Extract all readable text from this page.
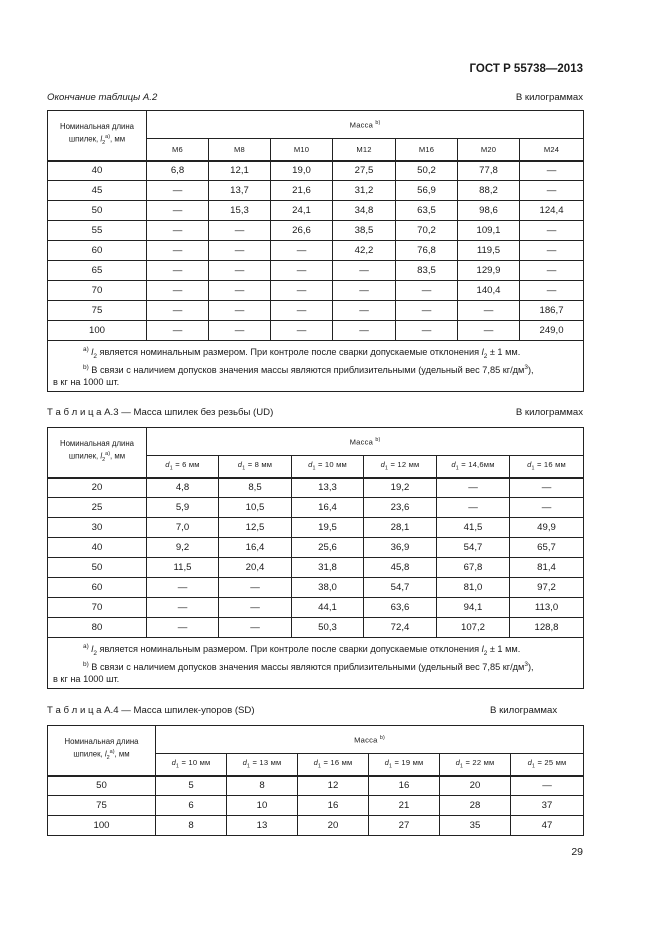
ГОСТ Р 55738—2013
Окончание таблицы А.2	В килограммах
Номинальная длина
шпилек, $l_2^{a)}$, мм	Масса $^{b)}$
	M6	M8	M10	M12	M16	M20	M24
40	6,8	12,1	19,0	27,5	50,2	77,8	—
45	—	13,7	21,6	31,2	56,9	88,2	—
50	—	15,3	24,1	34,8	63,5	98,6	124,4
55	—	—	26,6	38,5	70,2	109,1	—
60	—	—	—	42,2	76,8	119,5	—
65	—	—	—	—	83,5	129,9	—
70	—	—	—	—	—	140,4	—
75	—	—	—	—	—	—	186,7
100	—	—	—	—	—	—	249,0

$^{a)}$ $l_2$ является номинальным размером. При контроле после сварки допускаемые отклонения $l_2 \pm 1$ мм.
$^{b)}$ В связи с наличием допусков значения массы являются приблизительными (удельный вес 7,85 $кг/дм^3$),
в кг на 1000 шт.							
Т а б л и ц а А.3 — Масса шпилек без резьбы (UD)	В килограммах
Номинальная длина
шпилек, $l_2^{a)}$, мм	Масса $^{b)}$
	$d_1 = 6$ мм	$d_1 = 8$ мм	$d_1 = 10$ мм	$d_1 = 12$ мм	$d_1 = 14,6мм$	$d_1 = 16$ мм
20	4,8	8,5	13,3	19,2	—	—
25	5,9	10,5	16,4	23,6	—	—
30	7,0	12,5	19,5	28,1	41,5	49,9
40	9,2	16,4	25,6	36,9	54,7	65,7
50	11,5	20,4	31,8	45,8	67,8	81,4
60	—	—	38,0	54,7	81,0	97,2
70	—	—	44,1	63,6	94,1	113,0
80	—	—	50,3	72,4	107,2	128,8

$^{a)}$ $l_2$ является номинальным размером. При контроле после сварки допускаемые отклонения $l_2 \pm 1$ мм.
$^{b)}$ В связи с наличием допусков значения массы являются приблизительными (удельный вес 7,85 $кг/дм^3$),
в кг на 1000 шт.						
Т а б л и ц а А.4 — Масса шпилек-упоров (SD)	В килограммах
Номинальная длина
шпилек, $l_2^{a)}$, мм	Масса $^{b)}$
	$d_1 = 10$ мм	$d_1 = 13$ мм	$d_1 = 16$ мм	$d_1 = 19$ мм	$d_1 = 22$ мм	$d_1 = 25$ мм
50	5	8	12	16	20	—
75	6	10	16	21	28	37
100	8	13	20	27	35	47
29
